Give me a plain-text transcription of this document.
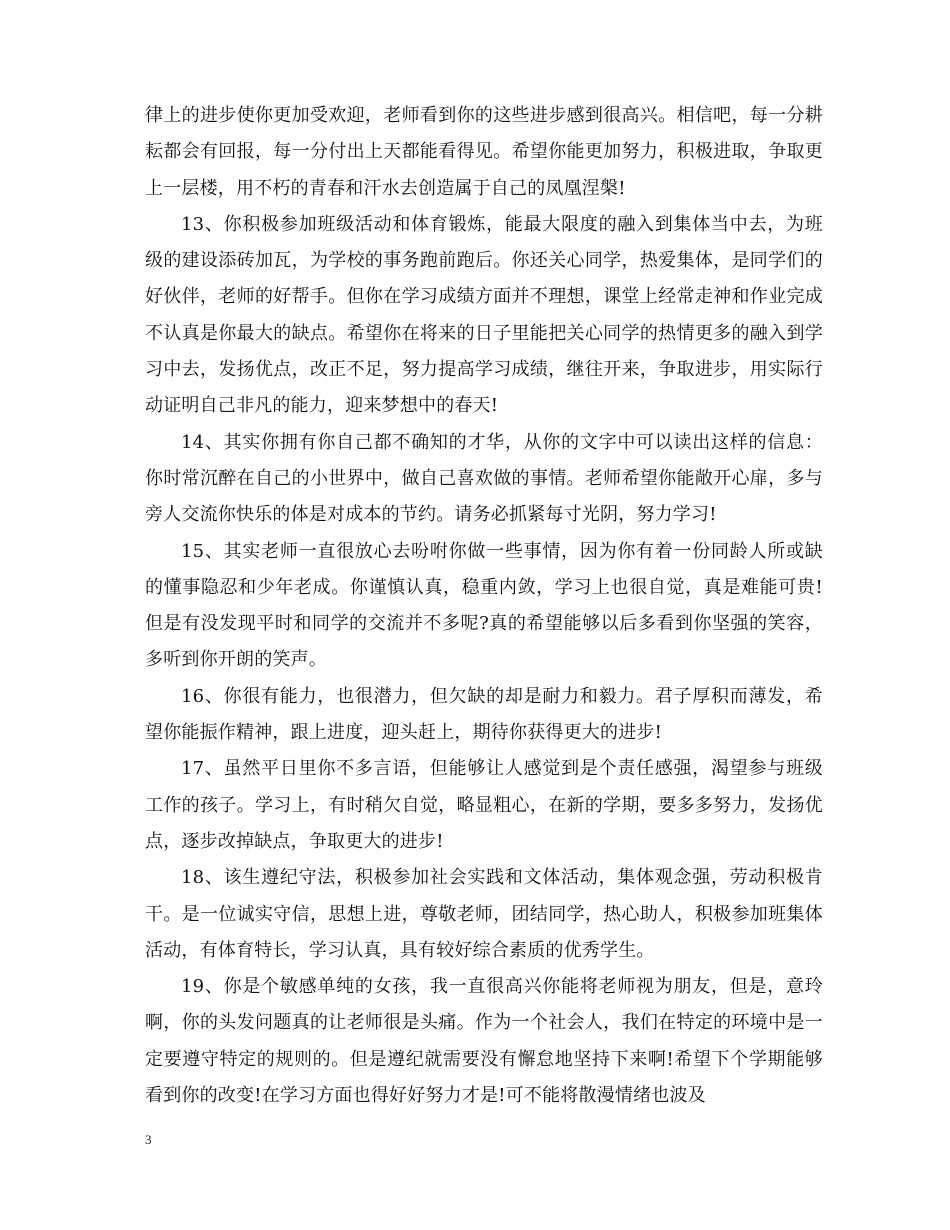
律上的进步使你更加受欢迎，老师看到你的这些进步感到很高兴。相信吧，每一分耕耘都会有回报，每一分付出上天都能看得见。希望你能更加努力，积极进取，争取更上一层楼，用不朽的青春和汗水去创造属于自己的凤凰涅槃!

13、你积极参加班级活动和体育锻炼，能最大限度的融入到集体当中去，为班级的建设添砖加瓦，为学校的事务跑前跑后。你还关心同学，热爱集体，是同学们的好伙伴，老师的好帮手。但你在学习成绩方面并不理想，课堂上经常走神和作业完成不认真是你最大的缺点。希望你在将来的日子里能把关心同学的热情更多的融入到学习中去，发扬优点，改正不足，努力提高学习成绩，继往开来，争取进步，用实际行动证明自己非凡的能力，迎来梦想中的春天!

14、其实你拥有你自己都不确知的才华，从你的文字中可以读出这样的信息：你时常沉醉在自己的小世界中，做自己喜欢做的事情。老师希望你能敞开心扉，多与旁人交流你快乐的体是对成本的节约。请务必抓紧每寸光阴，努力学习!

15、其实老师一直很放心去吩咐你做一些事情，因为你有着一份同龄人所或缺的懂事隐忍和少年老成。你谨慎认真，稳重内敛，学习上也很自觉，真是难能可贵!但是有没发现平时和同学的交流并不多呢?真的希望能够以后多看到你坚强的笑容，多听到你开朗的笑声。

16、你很有能力，也很潜力，但欠缺的却是耐力和毅力。君子厚积而薄发，希望你能振作精神，跟上进度，迎头赶上，期待你获得更大的进步!

17、虽然平日里你不多言语，但能够让人感觉到是个责任感强，渴望参与班级工作的孩子。学习上，有时稍欠自觉，略显粗心，在新的学期，要多多努力，发扬优点，逐步改掉缺点，争取更大的进步!

18、该生遵纪守法，积极参加社会实践和文体活动，集体观念强，劳动积极肯干。是一位诚实守信，思想上进，尊敬老师，团结同学，热心助人，积极参加班集体活动，有体育特长，学习认真，具有较好综合素质的优秀学生。

19、你是个敏感单纯的女孩，我一直很高兴你能将老师视为朋友，但是，意玲啊，你的头发问题真的让老师很是头痛。作为一个社会人，我们在特定的环境中是一定要遵守特定的规则的。但是遵纪就需要没有懈怠地坚持下来啊!希望下个学期能够看到你的改变!在学习方面也得好好努力才是!可不能将散漫情绪也波及

3
